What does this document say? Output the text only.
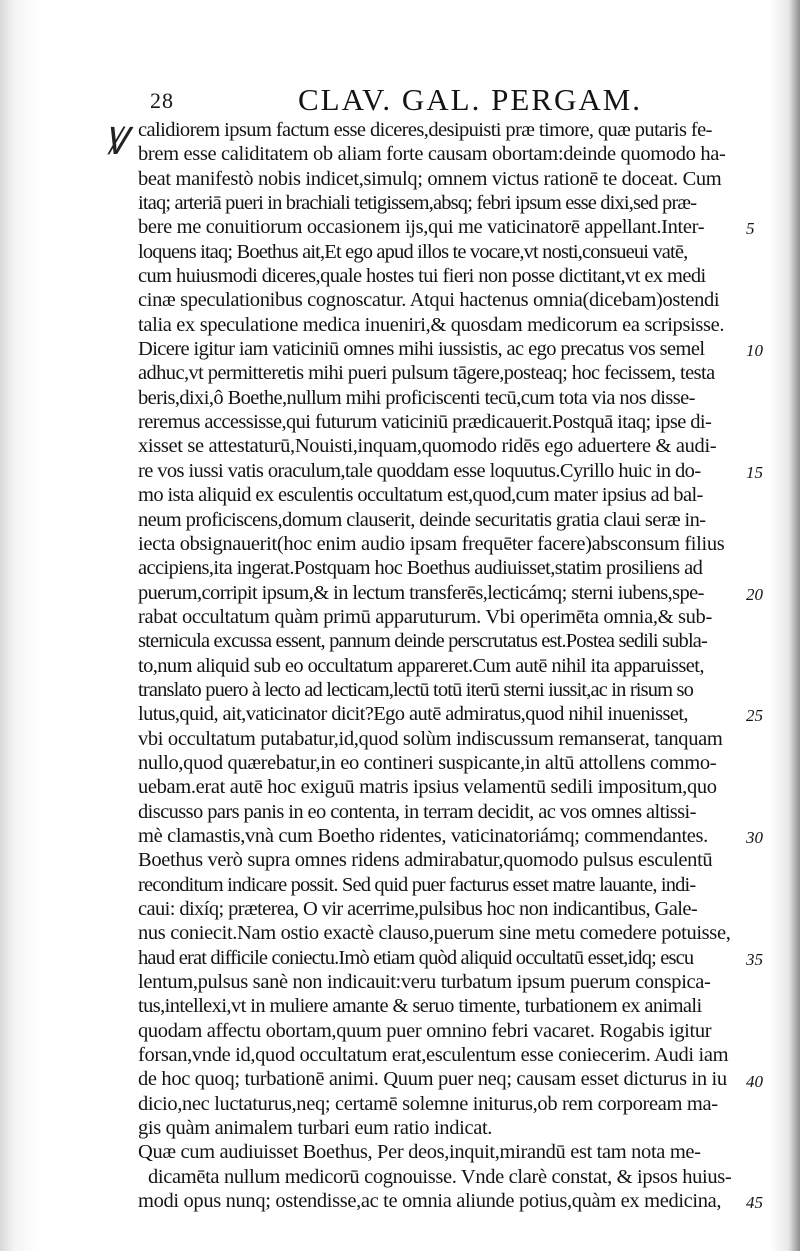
28	CLAV. GAL. PERGAM.
Ꝟ calidiorem ipsum factum esse diceres,desipuisti præ timore, quæ putaris fe-
brem esse caliditatem ob aliam forte causam obortam:deinde quomodo ha-
beat manifestò nobis indicet,simulq; omnem victus rationē te doceat. Cum
itaq; arteriā pueri in brachiali tetigissem,absq; febri ipsum esse dixi,sed præ-
bere me conuitiorum occasionem ijs,qui me vaticinatorē appellant.Inter-
loquens itaq; Boethus ait,Et ego apud illos te vocare,vt nosti,consueui vatē,
cum huiusmodi diceres,quale hostes tui fieri non posse dictitant,vt ex medi
cinæ speculationibus cognoscatur. Atqui hactenus omnia(dicebam)ostendi
talia ex speculatione medica inueniri,& quosdam medicorum ea scripsisse.
Dicere igitur iam vaticiniū omnes mihi iussistis, ac ego precatus vos semel
adhuc,vt permitteretis mihi pueri pulsum tāgere,posteaq; hoc fecissem, testa
beris,dixi,ô Boethe,nullum mihi proficiscenti tecū,cum tota via nos disse-
reremus accessisse,qui futurum vaticiniū prædicauerit.Postquā itaq; ipse di-
xisset se attestaturū,Nouisti,inquam,quomodo ridēs ego aduertere & audi-
re vos iussi vatis oraculum,tale quoddam esse loquutus.Cyrillo huic in do-
mo ista aliquid ex esculentis occultatum est,quod,cum mater ipsius ad bal-
neum proficiscens,domum clauserit, deinde securitatis gratia claui seræ in-
iecta obsignauerit(hoc enim audio ipsam frequēter facere)absconsum filius
accipiens,ita ingerat.Postquam hoc Boethus audiuisset,statim prosiliens ad
puerum,corripit ipsum,& in lectum transferēs,lecticámq; sterni iubens,spe-
rabat occultatum quàm primū apparuturum. Vbi operimēta omnia,& sub-
sternicula excussa essent, pannum deinde perscrutatus est.Postea sedili subla-
to,num aliquid sub eo occultatum appareret.Cum autē nihil ita apparuisset,
translato puero à lecto ad lecticam,lectū totū iterū sterni iussit,ac in risum so
lutus,quid, ait,vaticinator dicit?Ego autē admiratus,quod nihil inuenisset,
vbi occultatum putabatur,id,quod solùm indiscussum remanserat, tanquam
nullo,quod quærebatur,in eo contineri suspicante,in altū attollens commo-
uebam.erat autē hoc exiguū matris ipsius velamentū sedili impositum,quo
discusso pars panis in eo contenta, in terram decidit, ac vos omnes altissi-
mè clamastis,vnà cum Boetho ridentes, vaticinatoriámq; commendantes.
Boethus verò supra omnes ridens admirabatur,quomodo pulsus esculentū
reconditum indicare possit. Sed quid puer facturus esset matre lauante, indi-
caui: dixíq; præterea, O vir acerrime,pulsibus hoc non indicantibus, Gale-
nus coniecit.Nam ostio exactè clauso,puerum sine metu comedere potuisse,
haud erat difficile coniectu.Imò etiam quòd aliquid occultatū esset,idq; escu
lentum,pulsus sanè non indicauit:veru turbatum ipsum puerum conspica-
tus,intellexi,vt in muliere amante & seruo timente, turbationem ex animali
quodam affectu obortam,quum puer omnino febri vacaret. Rogabis igitur
forsan,vnde id,quod occultatum erat,esculentum esse coniecerim. Audi iam
de hoc quoq; turbationē animi. Quum puer neq; causam esset dicturus in iu
dicio,nec luctaturus,neq; certamē solemne initurus,ob rem corpoream ma-
gis quàm animalem turbari eum ratio indicat.
Quæ cum audiuisset Boethus, Per deos,inquit,mirandū est tam nota me-
dicamēta nullum medicorū cognouisse. Vnde clarè constat, & ipsos huius-
modi opus nunq; ostendisse,ac te omnia aliunde potius,quàm ex medicina,
5
10
15
20
25
30
35
40
45
